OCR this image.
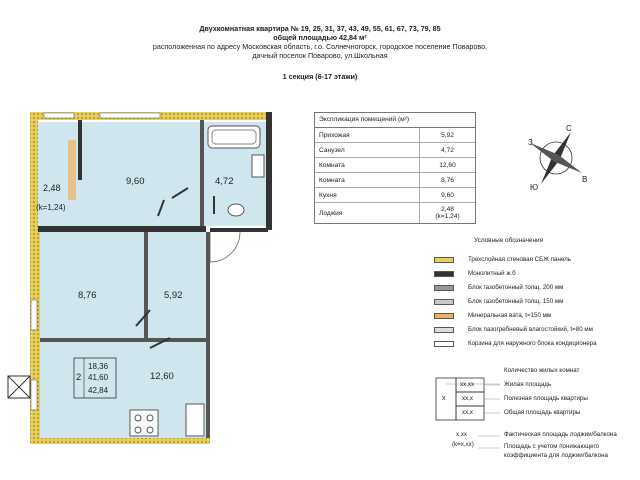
Двухкомнатная квартира № 19, 25, 31, 37, 43, 49, 55, 61, 67, 73, 79, 85
общей площадью 42,84 м²
расположенная по адресу Московская область, г.о. Солнечногорск, городское поселение Поварово,
дачный поселок Поварово, ул.Школьная
1 секция (6-17 этажи)
2,48
(k=1,24)
9,60	4,72
8,76	5,92
12,60
2
18,36
41,60
42,84
С
Ю
В
З
Экспликация помещений (м²)
Прихожая	5,92
Санузел	4,72
Комната	12,60
Комната	8,76
Кухня	9,60
Лоджия	2,48
(k=1,24)
Условные обозначения
Трехслойная стеновая СБЖ панель
Монолитный ж.б
Блок газобетонный толщ. 200 мм
Блок газобетонный толщ. 150 мм
Минеральная вата, t=150 мм
Блок пазогребневый влагостойкий, t=80 мм
Корзина для наружного блока кондиционера
х
хх,хх
хх,х
хх,х
Количество жилых комнат
Жилая площадь
Полезная площадь квартиры
Общая площадь квартиры
х,хх
(k=х,хх)
Фактическая площадь лоджии/балкона
Площадь с учетом понижающего
коэффициента для лоджии/балкона
